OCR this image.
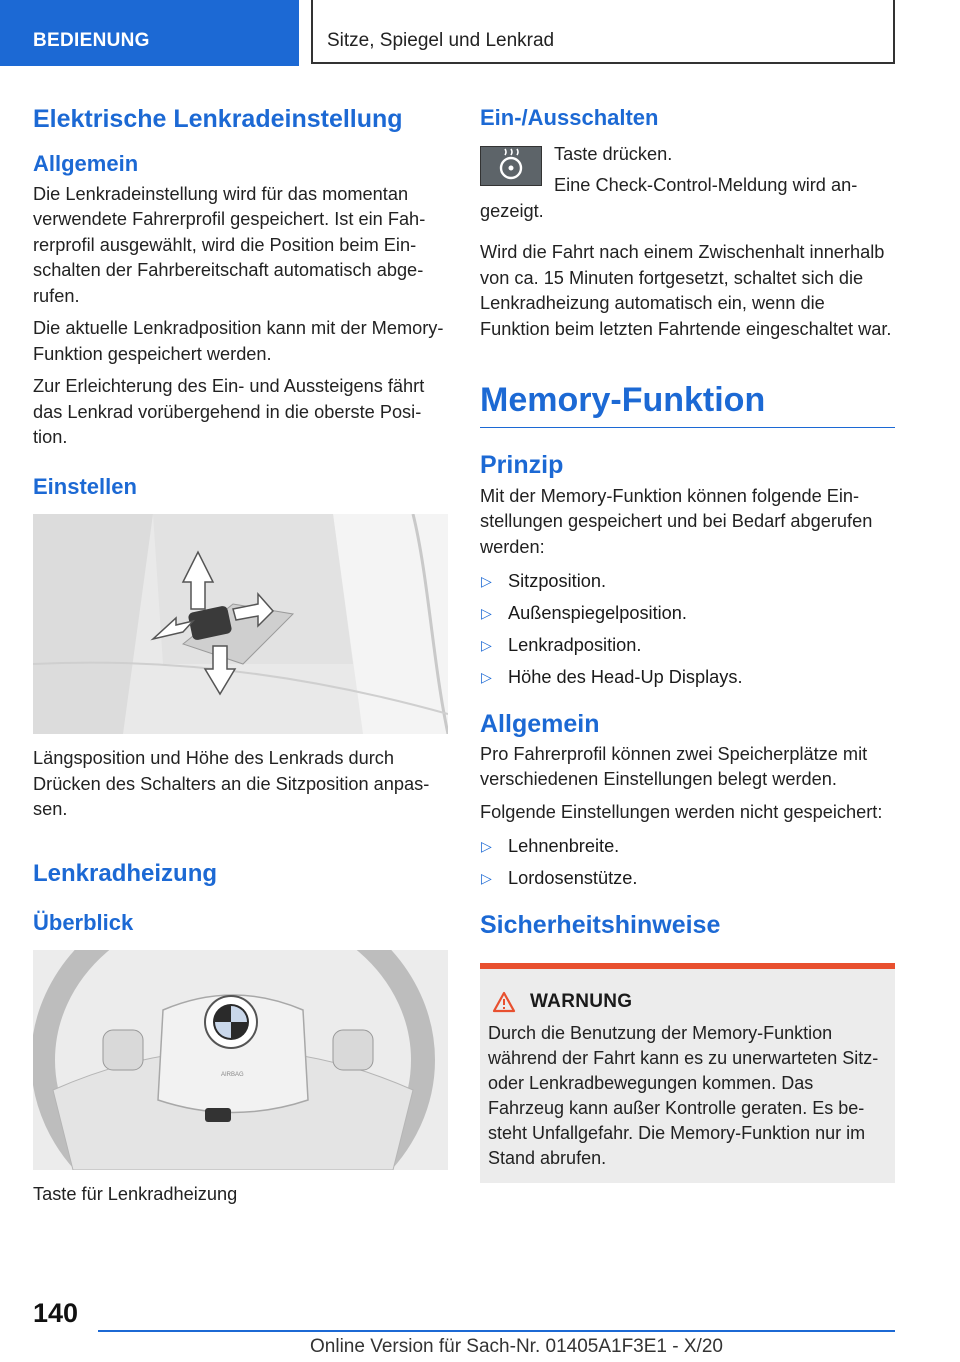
BEDIENUNG	Sitze, Spiegel und Lenkrad
Elektrische Lenkradeinstellung
Allgemein

Die Lenkradeinstellung wird für das momentan verwendete Fahrerprofil gespeichert. Ist ein Fahrerprofil ausgewählt, wird die Position beim Einschalten der Fahrbereitschaft automatisch abgerufen.

Die aktuelle Lenkradposition kann mit der Memory-Funktion gespeichert werden.

Zur Erleichterung des Ein- und Aussteigens fährt das Lenkrad vorübergehend in die oberste Position.

Einstellen

Längsposition und Höhe des Lenkrads durch Drücken des Schalters an die Sitzposition anpassen.

Lenkradheizung
Überblick
AIRBAG

Taste für Lenkradheizung

Ein-/Ausschalten

Taste drücken.

Eine Check-Control-Meldung wird angezeigt.

Wird die Fahrt nach einem Zwischenhalt innerhalb von ca. 15 Minuten fortgesetzt, schaltet sich die Lenkradheizung automatisch ein, wenn die Funktion beim letzten Fahrtende eingeschaltet war.

Memory-Funktion
Prinzip

Mit der Memory-Funktion können folgende Einstellungen gespeichert und bei Bedarf abgerufen werden:

▷ Sitzposition.
▷ Außenspiegelposition.
▷ Lenkradposition.
▷ Höhe des Head-Up Displays.
Allgemein

Pro Fahrerprofil können zwei Speicherplätze mit verschiedenen Einstellungen belegt werden.

Folgende Einstellungen werden nicht gespeichert:

▷ Lehnenbreite.
▷ Lordosenstütze.
Sicherheitshinweise
WARNUNG

Durch die Benutzung der Memory-Funktion während der Fahrt kann es zu unerwarteten Sitz- oder Lenkradbewegungen kommen. Das Fahrzeug kann außer Kontrolle geraten. Es besteht Unfallgefahr. Die Memory-Funktion nur im Stand abrufen.

140
Online Version für Sach-Nr. 01405A1F3E1 - X/20
